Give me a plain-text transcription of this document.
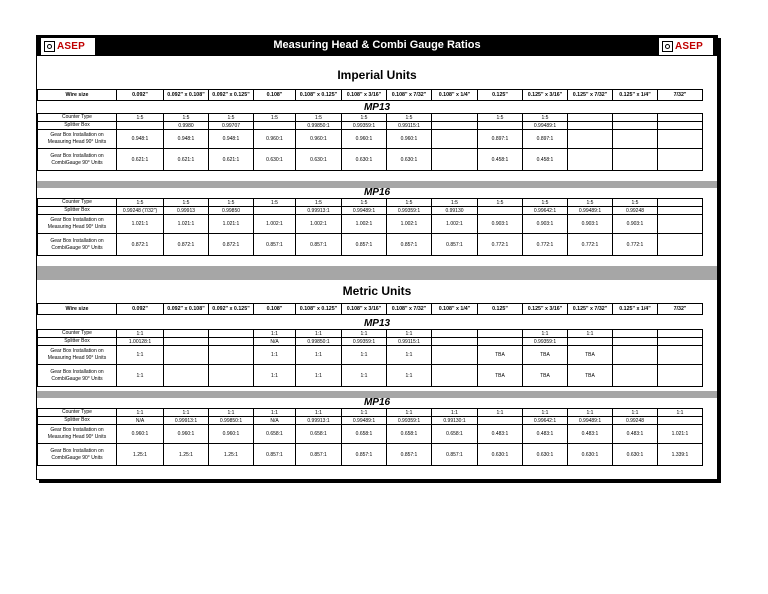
ASEP	Measuring Head & Combi Gauge Ratios	ASEP
Imperial Units
Wire size	0.092"	0.092" x 0.108"	0.092" x 0.125"	0.108"	0.108" x 0.125"	0.108" x 3/16"	0.108" x 7/32"	0.108" x 1/4"	0.125"	0.125" x 3/16"	0.125" x 7/32"	0.125" x 1/4"	7/32"
MP13
Counter Type	1:5	1:5	1:5	1:5	1:5	1:5	1:5		1:5	1:5			
Splitter Box		0.9980	0.99707		0.99850:1	0.99359:1	0.99115:1			0.99489:1			
Gear Box Installation on Measuring Head 90° Units	0.948:1	0.948:1	0.948:1	0.960:1	0.960:1	0.960:1	0.960:1		0.897:1	0.897:1			
Gear Box Installation on CombiGauge 90° Units	0.621:1	0.621:1	0.621:1	0.630:1	0.630:1	0.630:1	0.630:1		0.458:1	0.458:1			
MP16
Counter Type	1:5	1:5	1:5	1:5	1:5	1:5	1:5	1:5	1:5	1:5	1:5	1:5	
Splitter Box	0.99248 (7/32")	0.99913	0.99850		0.99913:1	0.99489:1	0.99359:1	0.99130		0.99642:1	0.99489:1	0.99248	
Gear Box Installation on Measuring Head 90° Units	1.021:1	1.021:1	1.021:1	1.002:1	1.002:1	1.002:1	1.002:1	1.002:1	0.903:1	0.903:1	0.903:1	0.903:1	
Gear Box Installation on CombiGauge 90° Units	0.872:1	0.872:1	0.872:1	0.857:1	0.857:1	0.857:1	0.857:1	0.857:1	0.772:1	0.772:1	0.772:1	0.772:1	
Metric Units
Wire size	0.092"	0.092" x 0.108"	0.092" x 0.125"	0.108"	0.108" x 0.125"	0.108" x 3/16"	0.108" x 7/32"	0.108" x 1/4"	0.125"	0.125" x 3/16"	0.125" x 7/32"	0.125" x 1/4"	7/32"
MP13
Counter Type	1:1			1:1	1:1	1:1	1:1			1:1	1:1		
Splitter Box	1.00128:1			N/A	0.99850:1	0.99359:1	0.99115:1			0.99359:1			
Gear Box Installation on Measuring Head 90° Units	1:1			1:1	1:1	1:1	1:1		TBA	TBA	TBA		
Gear Box Installation on CombiGauge 90° Units	1:1			1:1	1:1	1:1	1:1		TBA	TBA	TBA		
MP16
Counter Type	1:1	1:1	1:1	1:1	1:1	1:1	1:1	1:1	1:1	1:1	1:1	1:1	1:1
Splitter Box	N/A	0.99913:1	0.99850:1	N/A	0.99913:1	0.99489:1	0.99359:1	0.99130:1		0.99642:1	0.99489:1	0.99248	
Gear Box Installation on Measuring Head 90° Units	0.960:1	0.960:1	0.960:1	0.658:1	0.658:1	0.658:1	0.658:1	0.658:1	0.483:1	0.483:1	0.483:1	0.483:1	1.021:1
Gear Box Installation on CombiGauge 90° Units	1.25:1	1.25:1	1.25:1	0.857:1	0.857:1	0.857:1	0.857:1	0.857:1	0.630:1	0.630:1	0.630:1	0.630:1	1.339:1
